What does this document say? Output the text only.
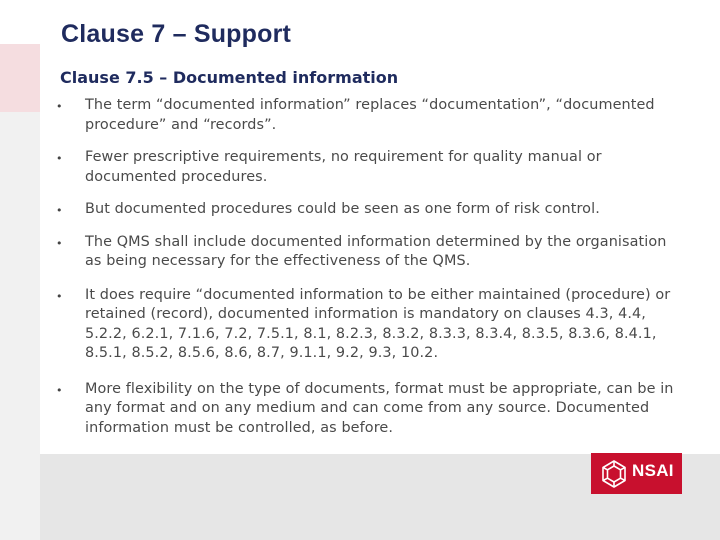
Clause 7 – Support
Clause 7.5 – Documented information
• The term “documented information” replaces “documentation”, “documented procedure” and “records”.
• Fewer prescriptive requirements, no requirement for quality manual or documented procedures.
• But documented procedures could be seen as one form of risk control.
• The QMS shall include documented information determined by the organisation as being necessary for the effectiveness of the QMS.
• It does require “documented information to be either maintained (procedure) or retained (record), documented information is mandatory on clauses 4.3, 4.4, 5.2.2, 6.2.1, 7.1.6, 7.2, 7.5.1, 8.1, 8.2.3, 8.3.2, 8.3.3, 8.3.4, 8.3.5, 8.3.6, 8.4.1, 8.5.1, 8.5.2, 8.5.6, 8.6, 8.7, 9.1.1, 9.2, 9.3, 10.2.
• More flexibility on the type of documents, format must be appropriate, can be in any format and on any medium and can come from any source. Documented information must be controlled, as before.
NSAI
